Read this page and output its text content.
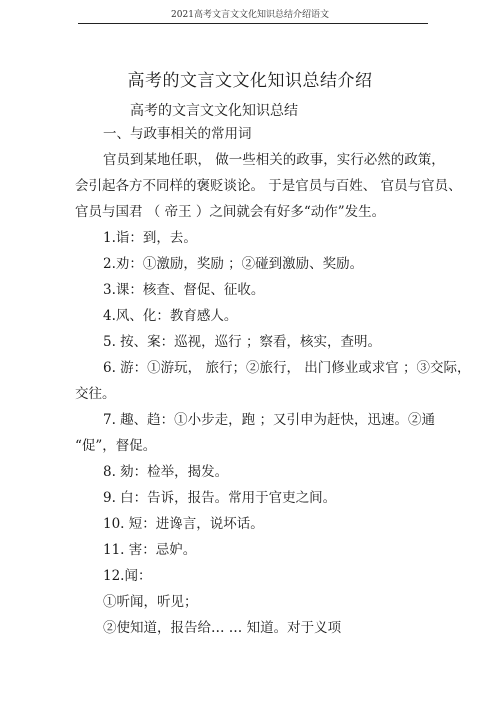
2021高考文言文文化知识总结介绍语文
高考的文言文文化知识总结介绍
高考的文言文文化知识总结
一、与政事相关的常用词
官员到某地任职， 做一些相关的政事，实行必然的政策，
会引起各方不同样的褒贬谈论。 于是官员与百姓、 官员与官员、
官员与国君 （ 帝王 ）之间就会有好多“动作”发生。
1.诣：到，去。
2.劝：①激励，奖励 ；②碰到激励、奖励。
3.课：核查、督促、征收。
4.风、化：教育感人。
5. 按、案：巡视，巡行 ；察看，核实，查明。
6. 游：①游玩， 旅行；②旅行， 出门修业或求官 ；③交际，
交往。
7. 趣、趋：①小步走，跑 ；又引申为赶快，迅速。②通
“促”，督促。
8. 劾：检举，揭发。
9. 白：告诉，报告。常用于官吏之间。
10. 短：进谗言，说坏话。
11. 害：忌妒。
12.闻：
①听闻，听见；
②使知道，报告给… … 知道。对于义项
